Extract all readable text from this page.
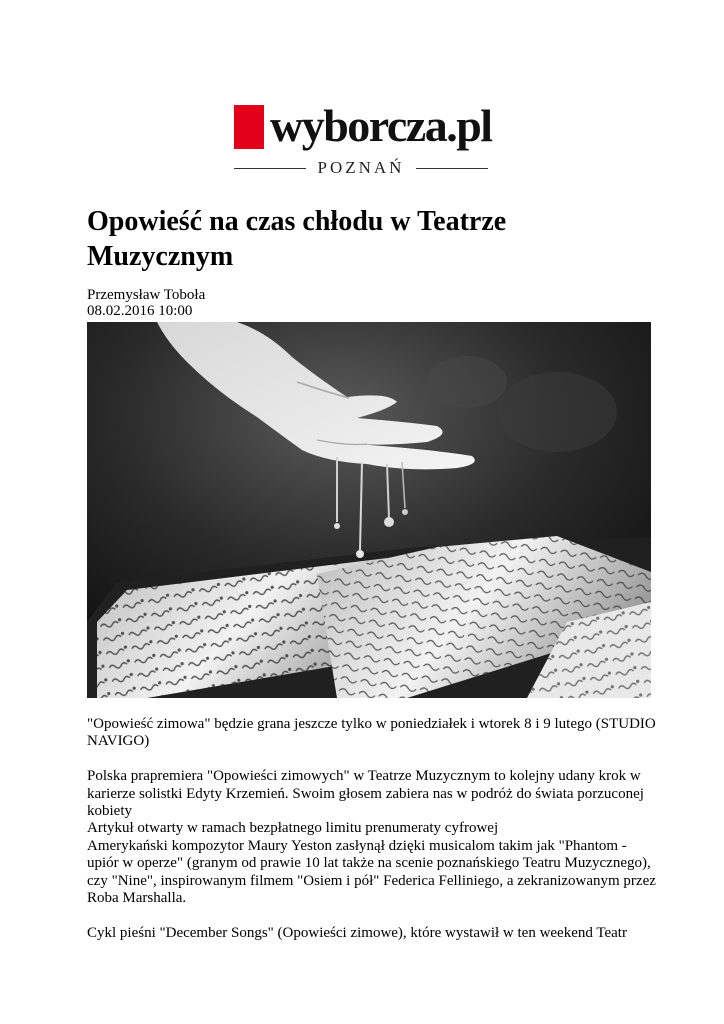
wyborcza.pl
POZNAŃ
Opowieść na czas chłodu w Teatrze Muzycznym
Przemysław Toboła
08.02.2016 10:00

"Opowieść zimowa" będzie grana jeszcze tylko w poniedziałek i wtorek 8 i 9 lutego (STUDIO NAVIGO)

Polska prapremiera "Opowieści zimowych" w Teatrze Muzycznym to kolejny udany krok w karierze solistki Edyty Krzemień. Swoim głosem zabiera nas w podróż do świata porzuconej kobiety

Artykuł otwarty w ramach bezpłatnego limitu prenumeraty cyfrowej

Amerykański kompozytor Maury Yeston zasłynął dzięki musicalom takim jak "Phantom - upiór w operze" (granym od prawie 10 lat także na scenie poznańskiego Teatru Muzycznego), czy "Nine", inspirowanym filmem "Osiem i pół" Federica Felliniego, a zekranizowanym przez Roba Marshalla.

Cykl pieśni "December Songs" (Opowieści zimowe), które wystawił w ten weekend Teatr
